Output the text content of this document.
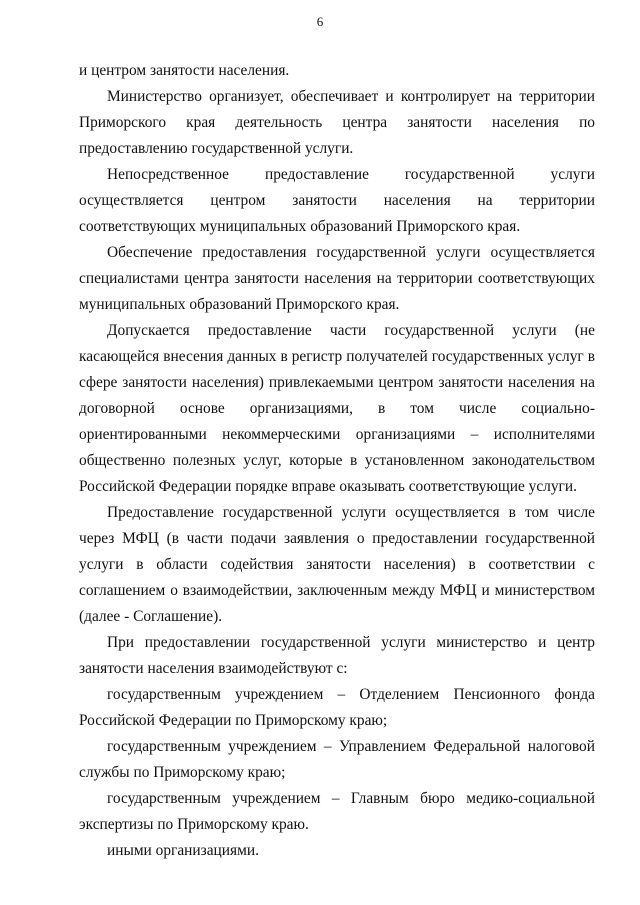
6

и центром занятости населения.

Министерство организует, обеспечивает и контролирует на территории Приморского края деятельность центра занятости населения по предоставлению государственной услуги.

Непосредственное предоставление государственной услуги осуществляется центром занятости населения на территории соответствующих муниципальных образований Приморского края.

Обеспечение предоставления государственной услуги осуществляется специалистами центра занятости населения на территории соответствующих муниципальных образований Приморского края.

Допускается предоставление части государственной услуги (не касающейся внесения данных в регистр получателей государственных услуг в сфере занятости населения) привлекаемыми центром занятости населения на договорной основе организациями, в том числе социально-ориентированными некоммерческими организациями – исполнителями общественно полезных услуг, которые в установленном законодательством Российской Федерации порядке вправе оказывать соответствующие услуги.

Предоставление государственной услуги осуществляется в том числе через МФЦ (в части подачи заявления о предоставлении государственной услуги в области содействия занятости населения) в соответствии с соглашением о взаимодействии, заключенным между МФЦ и министерством (далее - Соглашение).

При предоставлении государственной услуги министерство и центр занятости населения взаимодействуют с:

государственным учреждением – Отделением Пенсионного фонда Российской Федерации по Приморскому краю;

государственным учреждением – Управлением Федеральной налоговой службы по Приморскому краю;

государственным учреждением – Главным бюро медико-социальной экспертизы по Приморскому краю.

иными организациями.
